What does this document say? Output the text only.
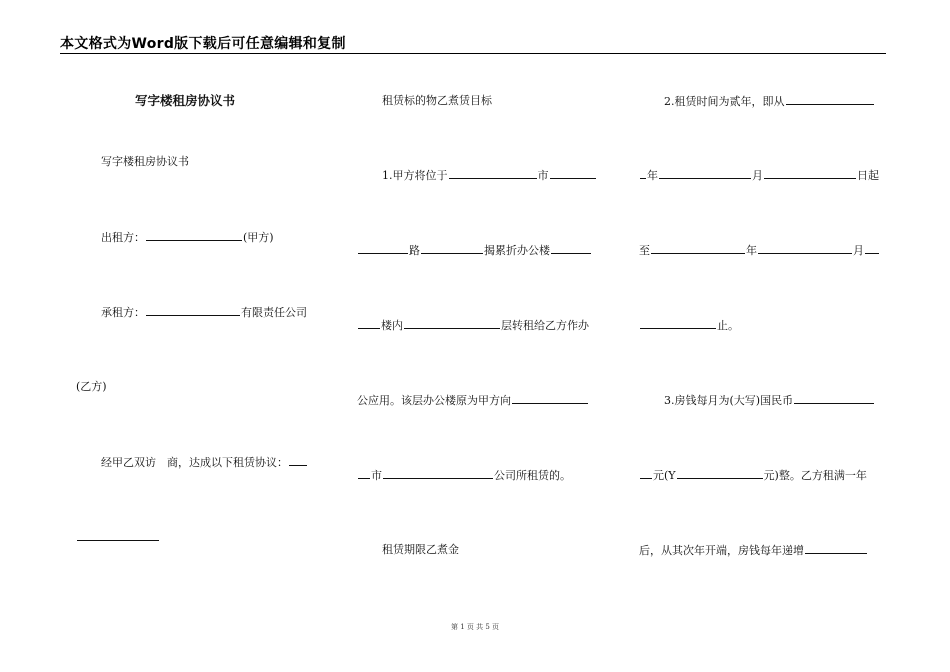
本文格式为Word版下载后可任意编辑和复制
写字楼租房协议书
写字楼租房协议书
出租方：	(甲方)
承租方：	有限责任公司
(乙方)
经甲乙双访　商，达成以下租赁协议：
租赁标的物乙煮赁目标
1.甲方将位于	市
路	揭累折办公楼
楼内	层转租给乙方作办
公应用。该层办公楼原为甲方向
市	公司所租赁的。
租赁期限乙煮金
2.租赁时间为贰年，即从
年	月	日起
至	年	月
止。
3.房钱每月为(大写)国民币
元(Y	元)整。乙方租满一年
后，从其次年开端，房钱每年递增
第 1 页 共 5 页
